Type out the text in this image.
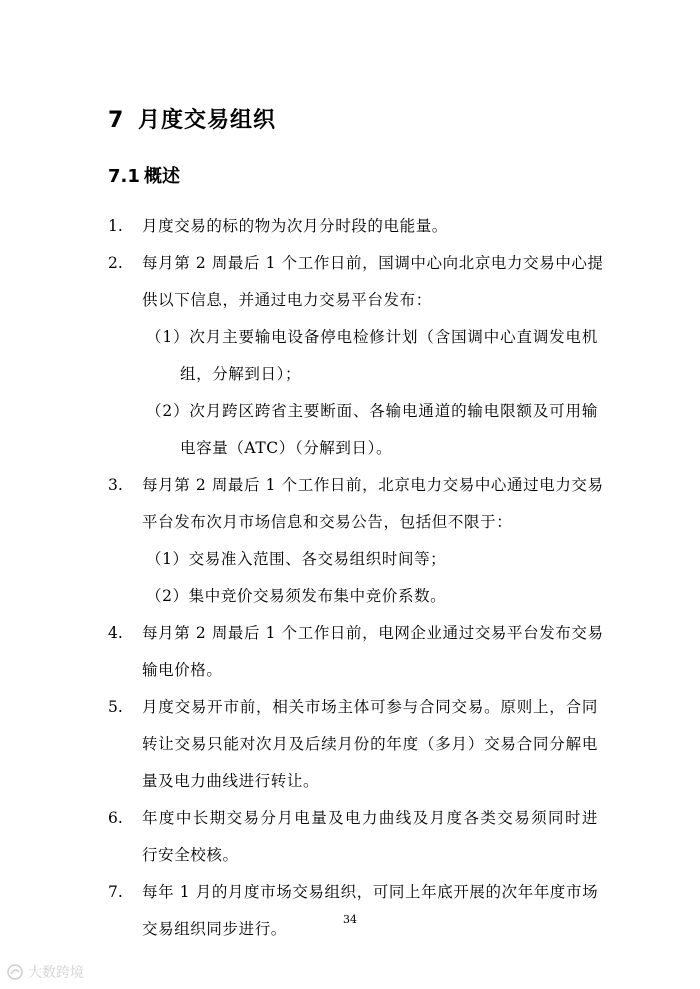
7 月度交易组织
7.1 概述
1.	月度交易的标的物为次月分时段的电能量。
2.	每月第 2 周最后 1 个工作日前，国调中心向北京电力交易中心提
供以下信息，并通过电力交易平台发布：
（1）次月主要输电设备停电检修计划（含国调中心直调发电机
组，分解到日）；
（2）次月跨区跨省主要断面、各输电通道的输电限额及可用输
电容量（ATC）（分解到日）。
3.	每月第 2 周最后 1 个工作日前，北京电力交易中心通过电力交易
平台发布次月市场信息和交易公告，包括但不限于：
（1）交易准入范围、各交易组织时间等；
（2）集中竞价交易须发布集中竞价系数。
4.	每月第 2 周最后 1 个工作日前，电网企业通过交易平台发布交易
输电价格。
5.	月度交易开市前，相关市场主体可参与合同交易。原则上，合同
转让交易只能对次月及后续月份的年度（多月）交易合同分解电
量及电力曲线进行转让。
6.	年度中长期交易分月电量及电力曲线及月度各类交易须同时进
行安全校核。
7.	每年 1 月的月度市场交易组织，可同上年底开展的次年年度市场
交易组织同步进行。
34
大数跨境
